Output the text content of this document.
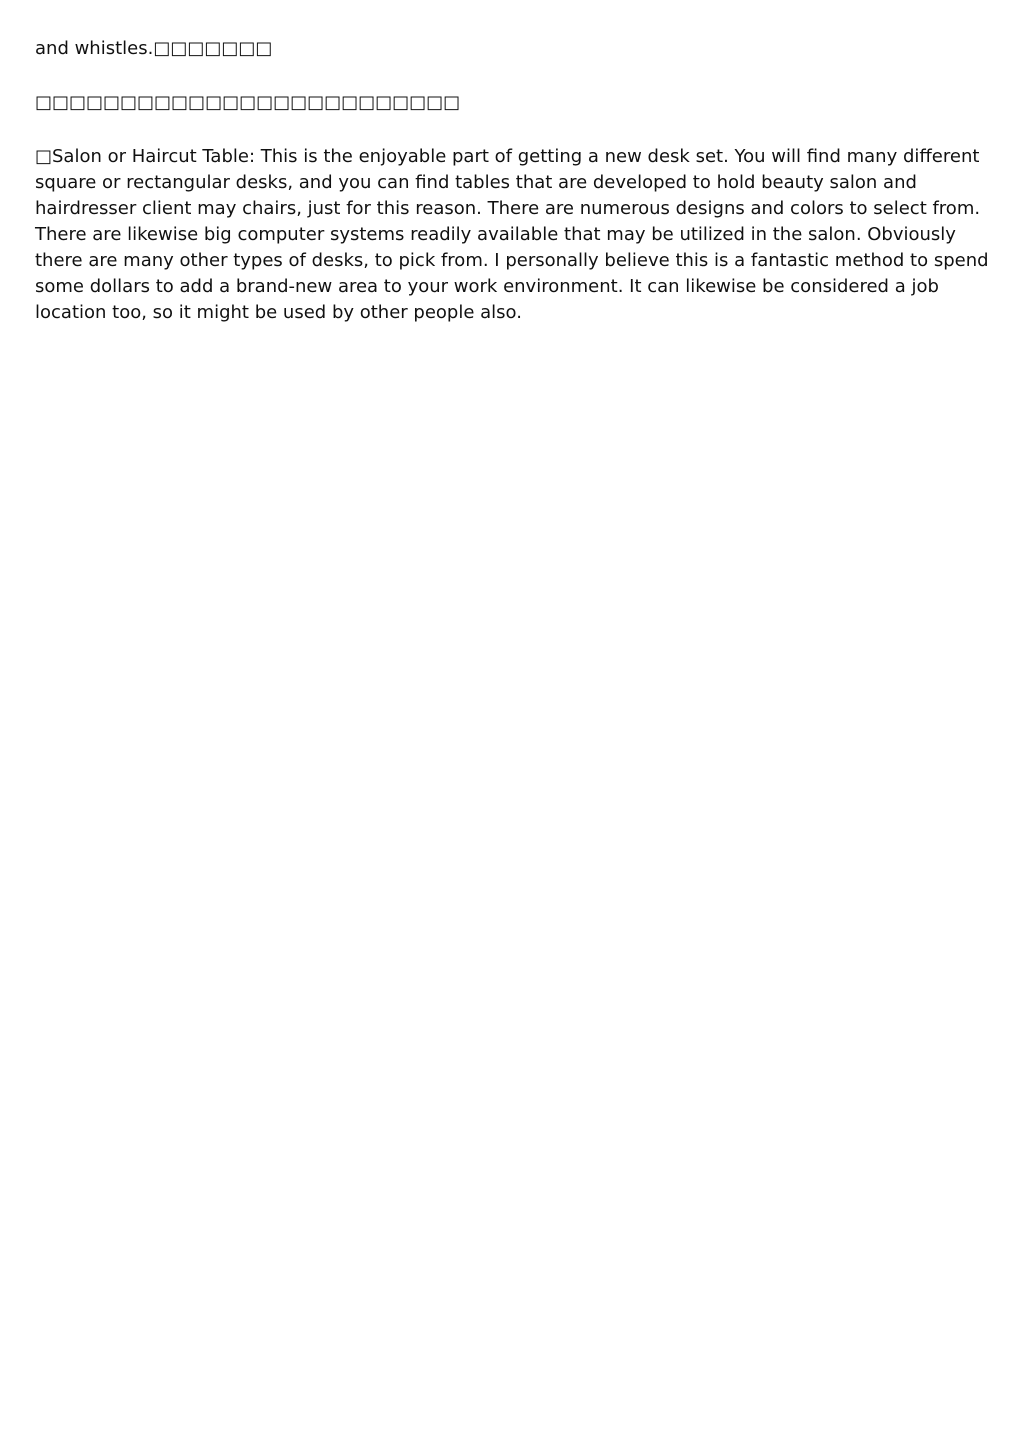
and whistles.□□□□□□□

□□□□□□□□□□□□□□□□□□□□□□□□□

□Salon or Haircut Table: This is the enjoyable part of getting a new desk set. You will find many different square or rectangular desks, and you can find tables that are developed to hold beauty salon and hairdresser client may chairs, just for this reason. There are numerous designs and colors to select from. There are likewise big computer systems readily available that may be utilized in the salon. Obviously there are many other types of desks, to pick from. I personally believe this is a fantastic method to spend some dollars to add a brand-new area to your work environment. It can likewise be considered a job location too, so it might be used by other people also.
